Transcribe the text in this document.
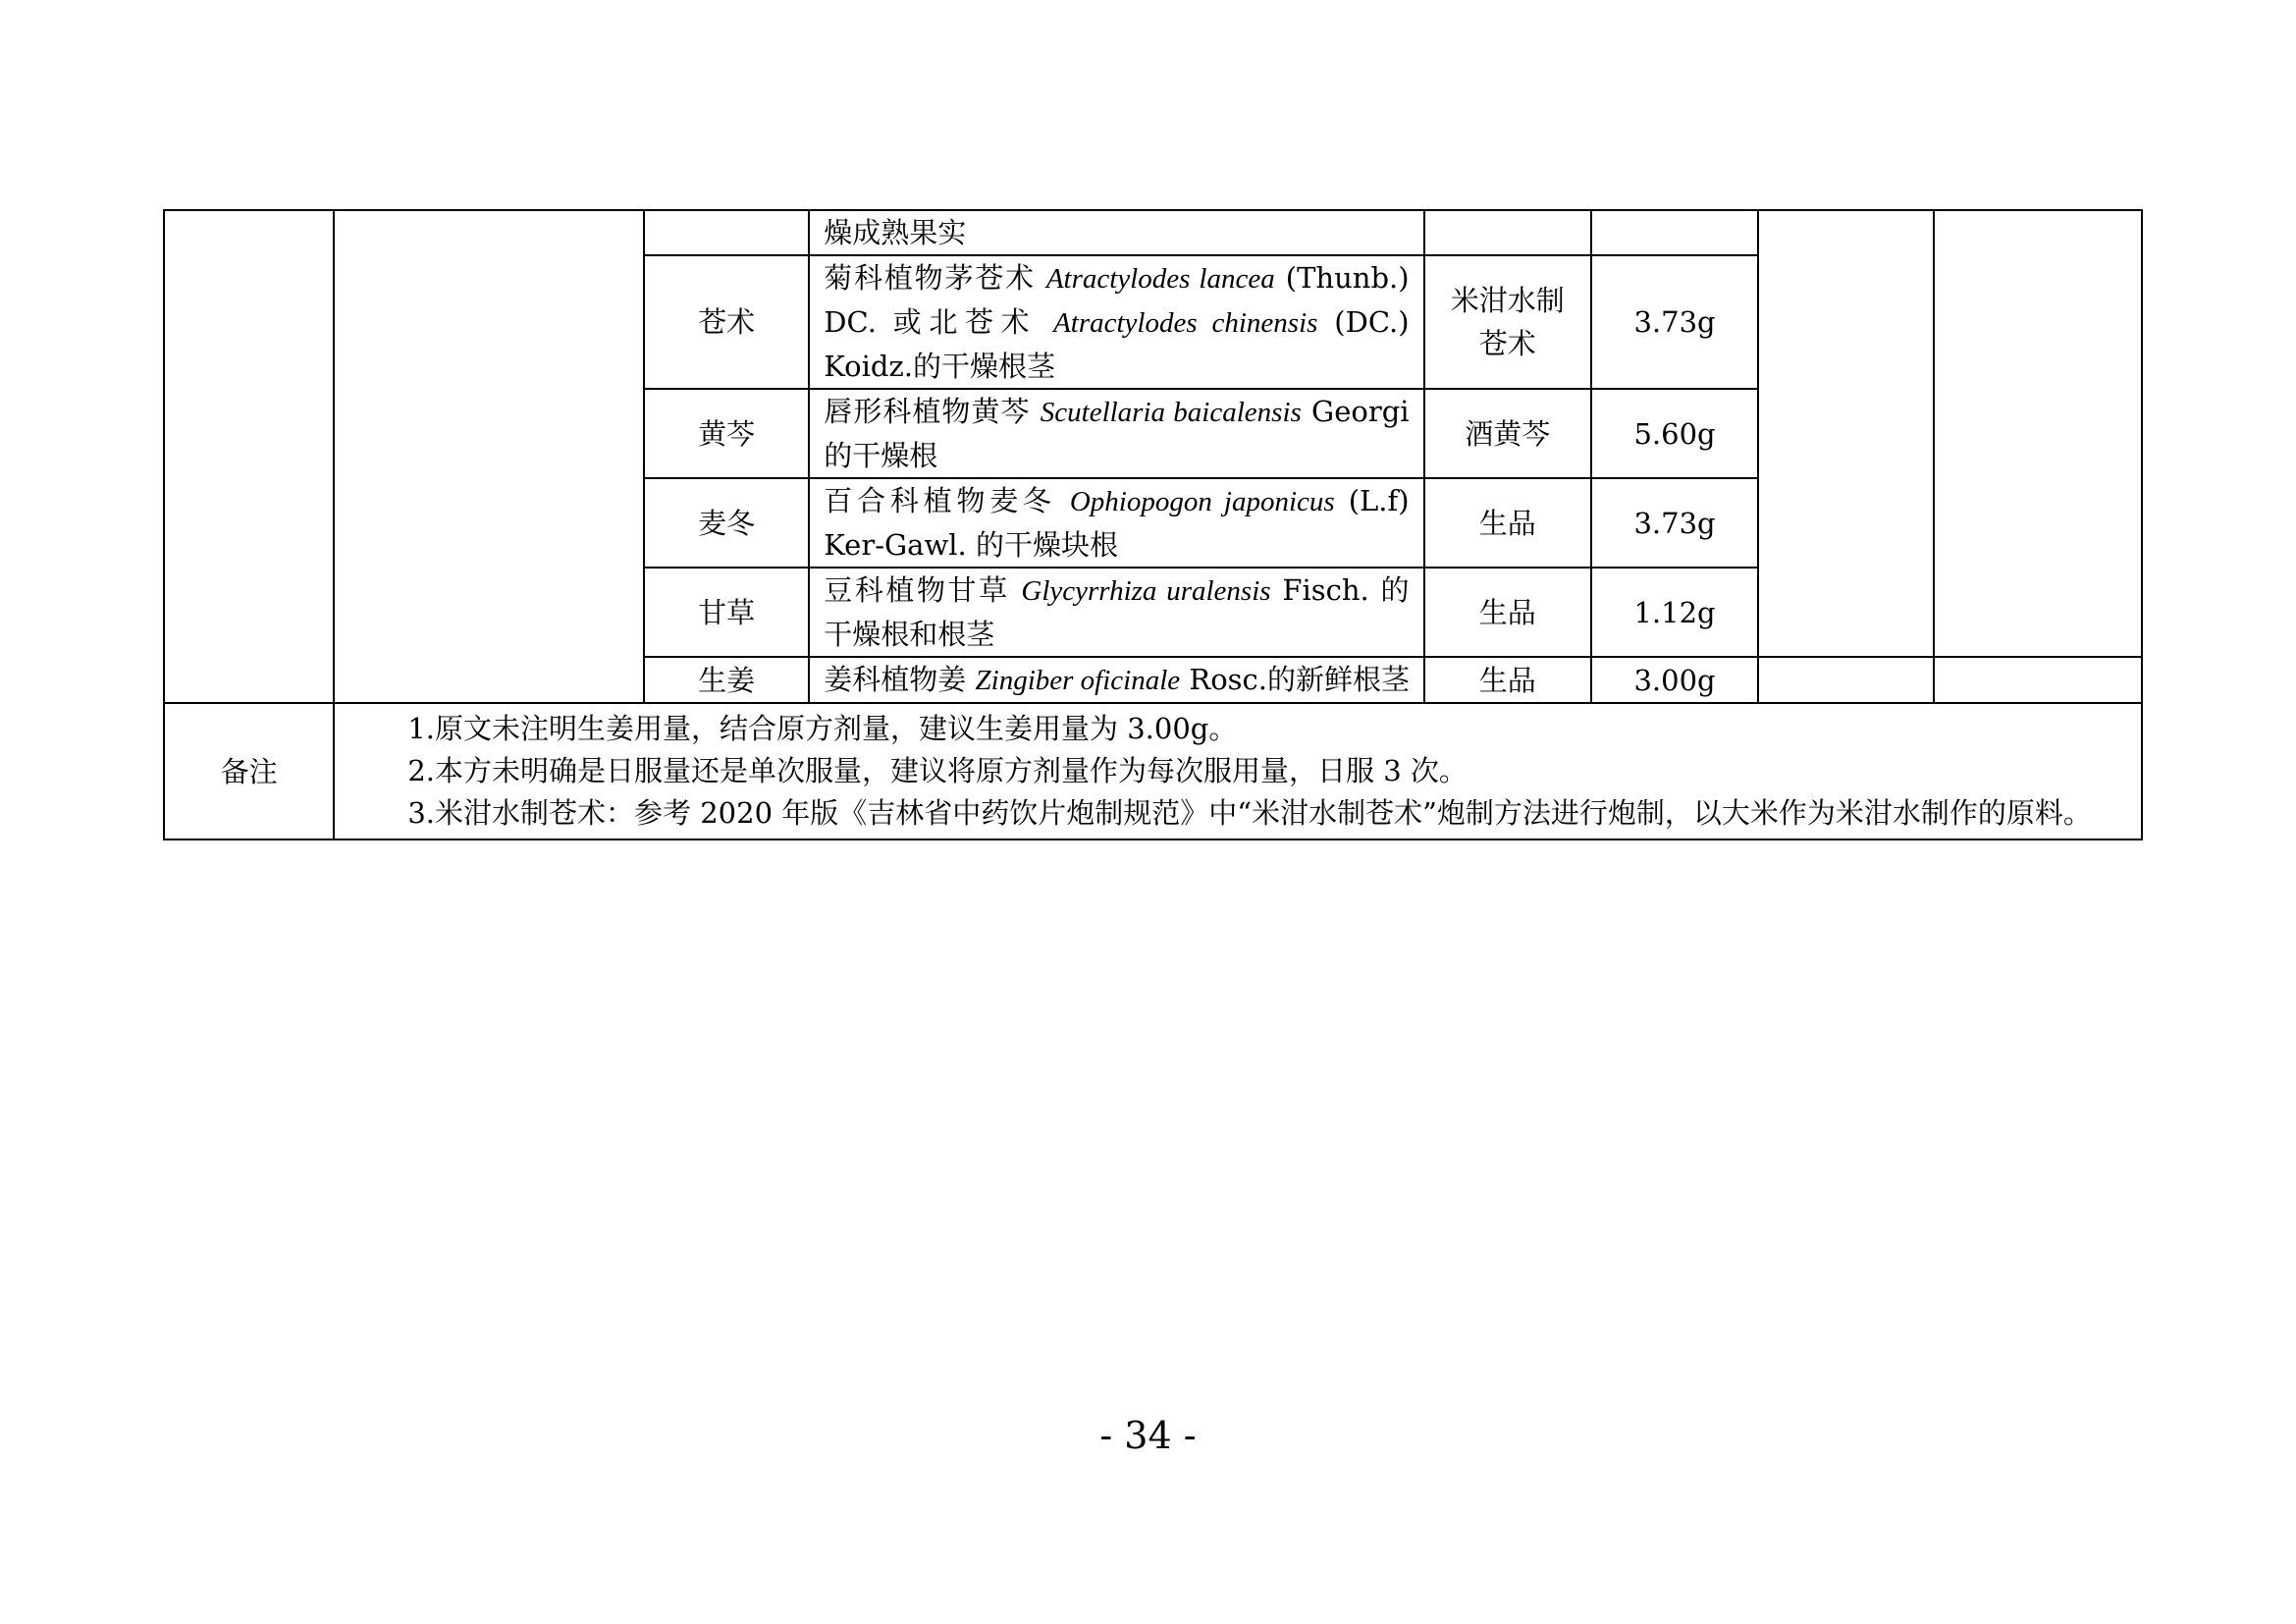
			燥成熟果实				
		苍术	菊科植物茅苍术 Atractylodes lancea (Thunb.) DC. 或北苍术 Atractylodes chinensis (DC.) Koidz.的干燥根茎	米泔水制苍术	3.73g		
		黄芩	唇形科植物黄芩 Scutellaria baicalensis Georgi 的干燥根	酒黄芩	5.60g		
		麦冬	百合科植物麦冬 Ophiopogon japonicus (L.f) Ker-Gawl. 的干燥块根	生品	3.73g		
		甘草	豆科植物甘草 Glycyrrhiza uralensis Fisch. 的干燥根和根茎	生品	1.12g		
		生姜	姜科植物姜 Zingiber oficinale Rosc.的新鲜根茎	生品	3.00g		
备注	1.原文未注明生姜用量，结合原方剂量，建议生姜用量为 3.00g。
2.本方未明确是日服量还是单次服量，建议将原方剂量作为每次服用量，日服 3 次。
3.米泔水制苍术：参考 2020 年版《吉林省中药饮片炮制规范》中“米泔水制苍术”炮制方法进行炮制，以大米作为米泔水制作的原料。						
- 34 -
